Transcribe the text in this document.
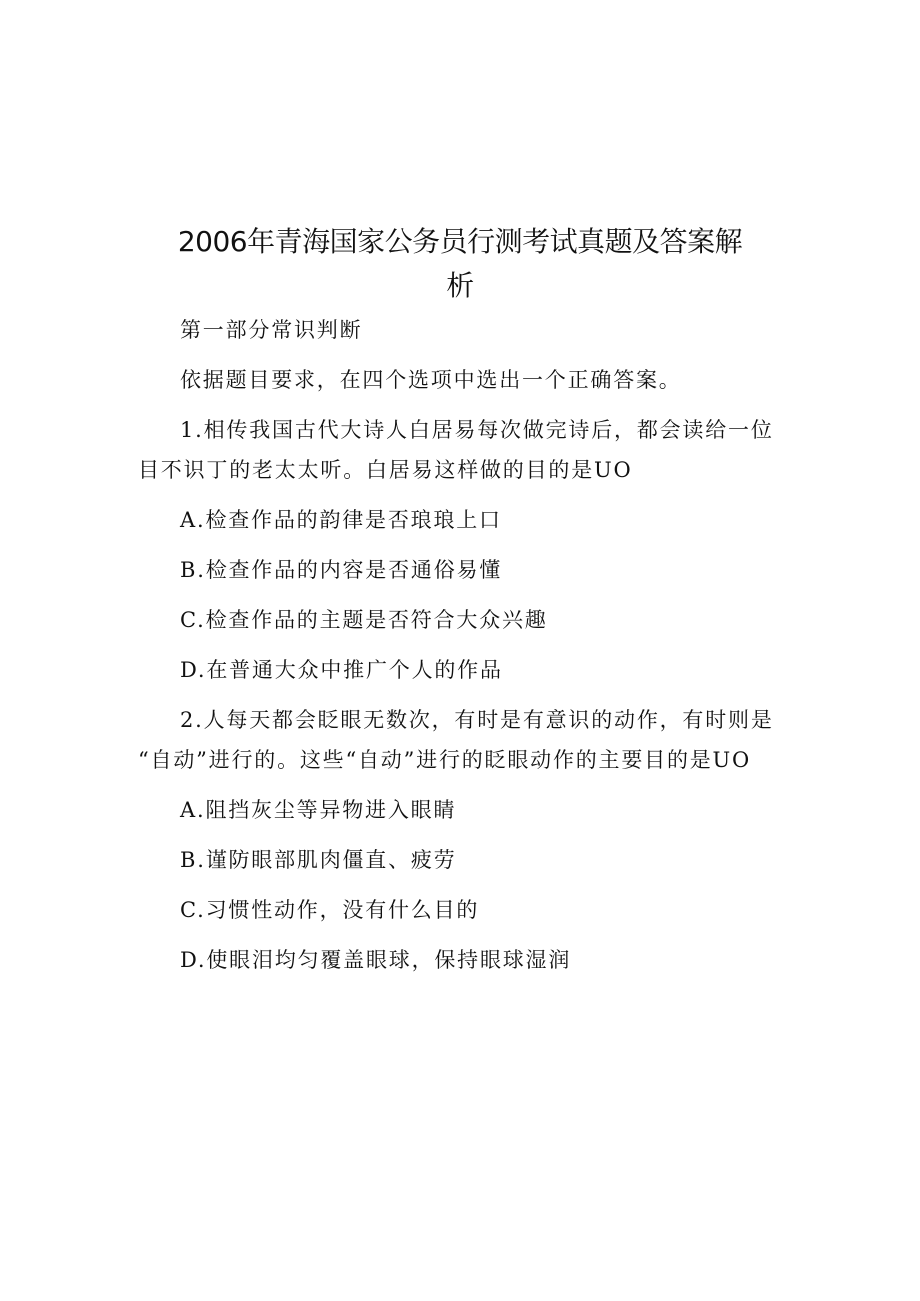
2006年青海国家公务员行测考试真题及答案解
析

第一部分常识判断

依据题目要求，在四个选项中选出一个正确答案。

1.相传我国古代大诗人白居易每次做完诗后，都会读给一位

目不识丁的老太太听。白居易这样做的目的是UO

A.检查作品的韵律是否琅琅上口

B.检查作品的内容是否通俗易懂

C.检查作品的主题是否符合大众兴趣

D.在普通大众中推广个人的作品

2.人每天都会眨眼无数次，有时是有意识的动作，有时则是

“自动”进行的。这些“自动”进行的眨眼动作的主要目的是UO

A.阻挡灰尘等异物进入眼睛

B.谨防眼部肌肉僵直、疲劳

C.习惯性动作，没有什么目的

D.使眼泪均匀覆盖眼球，保持眼球湿润
